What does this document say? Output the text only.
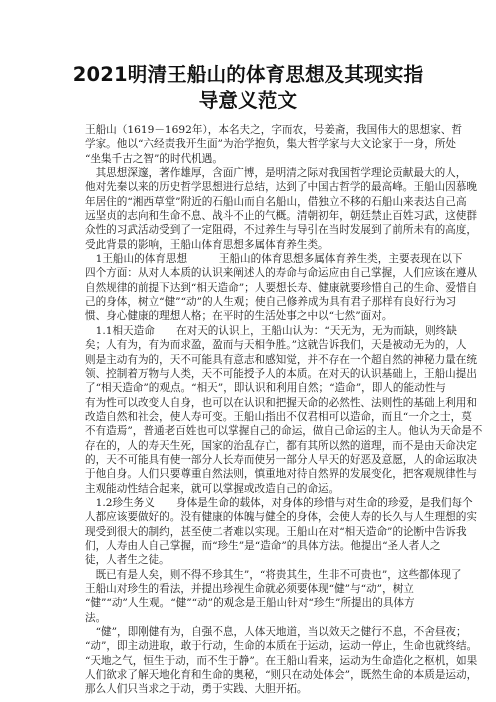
2021明清王船山的体育思想及其现实指
导意义范文
王船山（1619－1692年），本名夫之，字而农，号姜斋，我国伟大的思想家、哲
学家。他以“六经责我开生面”为治学抱负，集大哲学家与大文论家于一身，所处
“坐集千古之智”的时代机遇。
　其思想深邃，著作雄厚，含面广博，是明清之际对我国哲学理论贡献最大的人，
他对先秦以来的历史哲学思想进行总结，达到了中国古哲学的最高峰。王船山因慕晚
年居住的“湘西草堂”附近的石船山而自名船山，借独立不移的石船山来表达自己高
远坚贞的志向和生命不息、战斗不止的气概。清朝初年，朝廷禁止百姓习武，这使群
众性的习武活动受到了一定阻碍，不过养生与导引在当时发展到了前所未有的高度，
受此背景的影响，王船山体育思想多属体育养生类。
　1王船山的体育思想　　　王船山的体育思想多属体育养生类，主要表现在以下
四个方面：从对人本质的认识来阐述人的寿命与命运应由自己掌握，人们应该在遵从
自然规律的前提下达到“相天造命”；人要想长寿、健康就要珍惜自己的生命、爱惜自
己的身体，树立“健”“动”的人生观；使自己修养成为具有君子那样有良好行为习
惯、身心健康的理想人格；在平时的生活处事之中以“七然”面对。
　1.1相天造命　　在对天的认识上，王船山认为：“天无为，无为而缺，则终缺
矣；人有为，有为而求盈，盈而与天相争胜。”这就告诉我们，天是被动无为的，人
则是主动有为的，天不可能具有意志和感知觉，并不存在一个超自然的神秘力量在统
领、控制着万物与人类，天不可能授予人的本质。在对天的认识基础上，王船山提出
了“相天造命”的观点。“相天”，即认识和利用自然；“造命”，即人的能动性与
有为性可以改变人自身，也可以在认识和把握天命的必然性、法则性的基础上利用和
改造自然和社会，使人寿可变。王船山指出不仅君相可以造命，而且“一介之士，莫
不有造焉”，普通老百姓也可以掌握自己的命运，做自己命运的主人。他认为天命是不
存在的，人的寿天生死，国家的治乱存亡，都有其所以然的道理，而不是由天命决定
的，天不可能具有使一部分人长寿而使另一部分人早天的好恶及意愿，人的命运取决
于他自身。人们只要尊重自然法则，慎重地对待自然界的发展变化，把客观规律性与
主观能动性结合起来，就可以掌握或改造自己的命运。
　1.2珍生务义　　身体是生命的载体，对身体的珍惜与对生命的珍爱，是我们每个
人都应该要做好的。没有健康的体魄与健全的身体，会使人寿的长久与人生理想的实
现受到很大的制约，甚至使二者难以实现。王船山在对“相天造命”的论断中告诉我
们，人寿由人自己掌握，而“珍生”是“造命”的具体方法。他提出“圣人者人之
徒，人者生之徒。
　既已有是人矣，则不得不珍其生”，“将贵其生，生非不可贵也”，这些都体现了
王船山对珍生的看法，并提出珍视生命就必须要体现“健”与“动”，树立
“健”“动”人生观。“健”“动”的观念是王船山针对“珍生”所提出的具体方
法。
　“健”，即刚健有为，自强不息，人体天地道，当以效天之健行不息，不舍昼夜；
“动”，即主动进取，敢于行动，生命的本质在于运动，运动一停止，生命也就终结。
“天地之气，恒生于动，而不生于静”。在王船山看来，运动为生命造化之枢机，如果
人们欲求了解天地化育和生命的奥秘，“则只在动处体会”，既然生命的本质是运动，
那么人们只当求之于动，勇于实践、大胆开拓。
